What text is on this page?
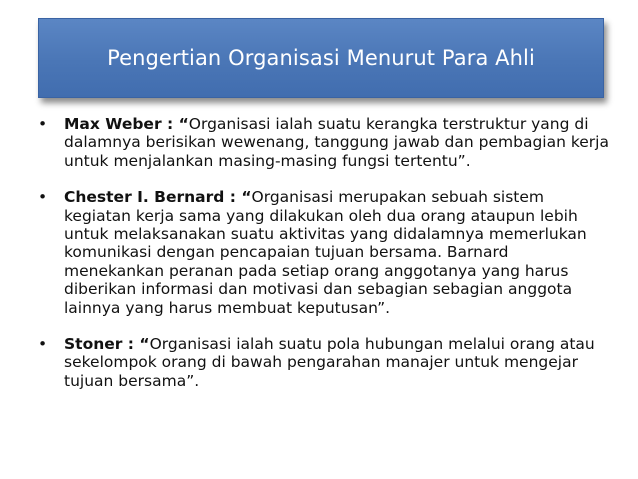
Pengertian Organisasi Menurut Para Ahli
• Max Weber : “Organisasi ialah suatu kerangka terstruktur yang di dalamnya berisikan wewenang, tanggung jawab dan pembagian kerja untuk menjalankan masing-masing fungsi tertentu”.
• Chester I. Bernard : “Organisasi merupakan sebuah sistem kegiatan kerja sama yang dilakukan oleh dua orang ataupun lebih untuk melaksanakan suatu aktivitas yang didalamnya memerlukan komunikasi dengan pencapaian tujuan bersama. Barnard menekankan peranan pada setiap orang anggotanya yang harus diberikan informasi dan motivasi dan sebagian sebagian anggota lainnya yang harus membuat keputusan”.
• Stoner : “Organisasi ialah suatu pola hubungan melalui orang atau sekelompok orang di bawah pengarahan manajer untuk mengejar tujuan bersama”.
